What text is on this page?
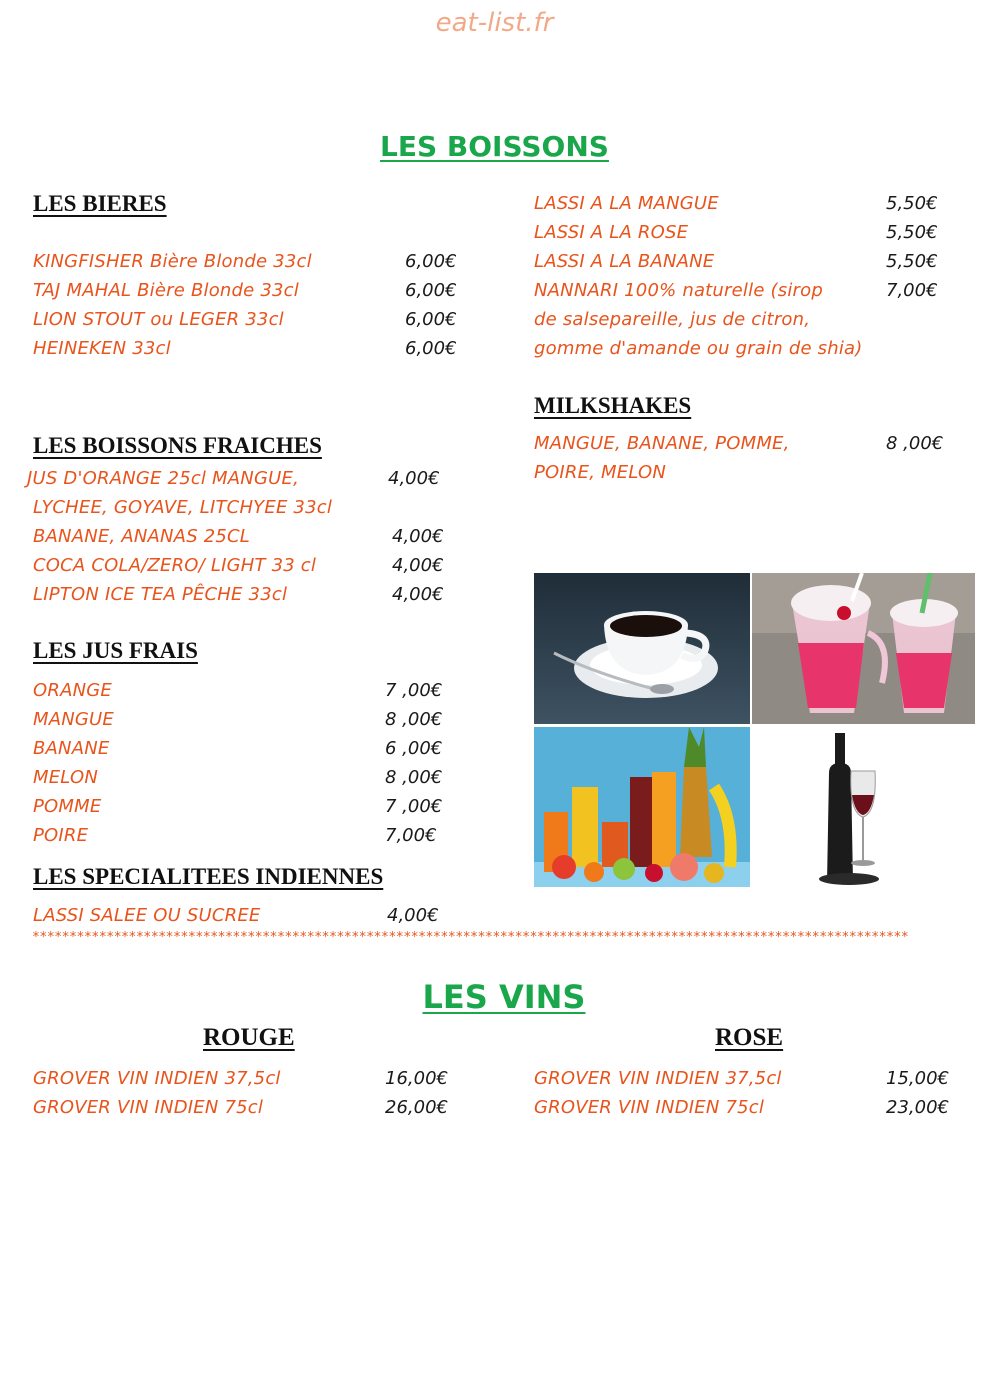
eat-list.fr
LES BOISSONS
LES BIERES
KINGFISHER Bière Blonde 33cl	6,00€
TAJ MAHAL Bière Blonde 33cl	6,00€
LION STOUT ou LEGER 33cl	6,00€
HEINEKEN 33cl	6,00€
LES BOISSONS FRAICHES
JUS D'ORANGE 25cl MANGUE,	4,00€
LYCHEE, GOYAVE, LITCHYEE 33cl
BANANE, ANANAS 25CL	4,00€
COCA COLA/ZERO/ LIGHT 33 cl	4,00€
LIPTON ICE TEA PÊCHE 33cl	4,00€
LES JUS FRAIS
ORANGE	7 ,00€
MANGUE	8 ,00€
BANANE	6 ,00€
MELON	8 ,00€
POMME	7 ,00€
POIRE	7,00€
LES SPECIALITEES INDIENNES
LASSI SALEE OU SUCREE	4,00€
LASSI A LA MANGUE	5,50€
LASSI A LA ROSE	5,50€
LASSI A LA BANANE	5,50€
NANNARI 100% naturelle (sirop	7,00€
de salsepareille, jus de citron,
gomme d'amande ou grain de shia)
MILKSHAKES
MANGUE, BANANE, POMME,	8 ,00€
POIRE, MELON
**********************************************************************************************************************
LES VINS
ROUGE
GROVER VIN INDIEN 37,5cl	16,00€
GROVER VIN INDIEN 75cl	26,00€
ROSE
GROVER VIN INDIEN 37,5cl	15,00€
GROVER VIN INDIEN 75cl	23,00€
